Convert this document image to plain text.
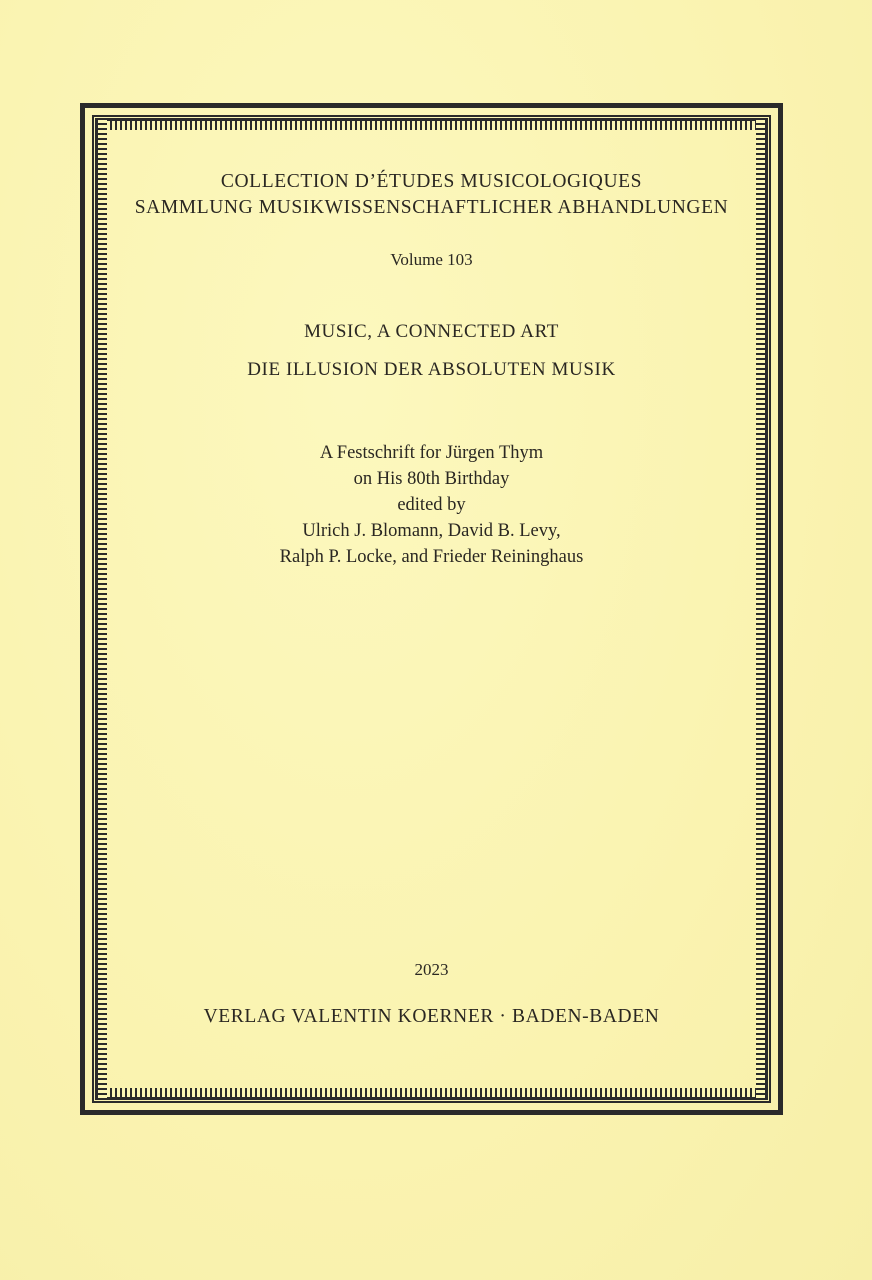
COLLECTION D’ÉTUDES MUSICOLOGIQUES
SAMMLUNG MUSIKWISSENSCHAFTLICHER ABHANDLUNGEN
Volume 103
MUSIC, A CONNECTED ART
DIE ILLUSION DER ABSOLUTEN MUSIK
A Festschrift for Jürgen Thym
on His 80th Birthday
edited by
Ulrich J. Blomann, David B. Levy,
Ralph P. Locke, and Frieder Reininghaus
2023
VERLAG VALENTIN KOERNER · BADEN-BADEN
